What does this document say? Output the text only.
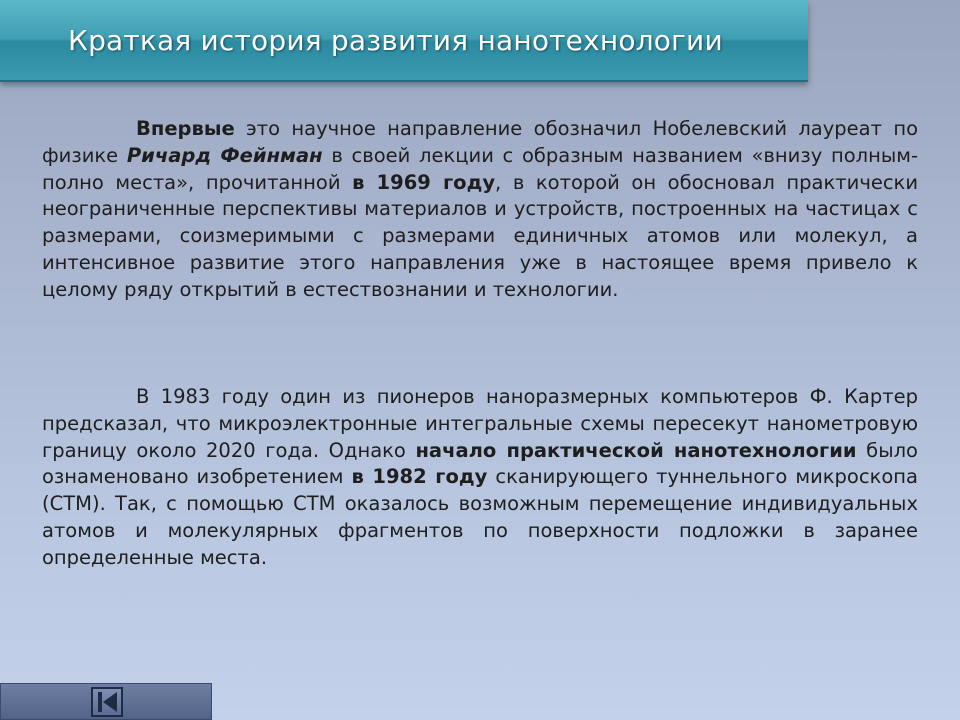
Краткая история развития нанотехнологии
Впервые это научное направление обозначил Нобелевский лауреат по физике Ричард Фейнман в своей лекции с образным названием «внизу полным-полно места», прочитанной в 1969 году, в которой он обосновал практически неограниченные перспективы материалов и устройств, построенных на частицах с размерами, соизмеримыми с размерами единичных атомов или молекул, а интенсивное развитие этого направления уже в настоящее время привело к целому ряду открытий в естествознании и технологии.
В 1983 году один из пионеров наноразмерных компьютеров Ф. Картер предсказал, что микроэлектронные интегральные схемы пересекут нанометровую границу около 2020 года. Однако начало практической нанотехнологии было ознаменовано изобретением в 1982 году сканирующего туннельного микроскопа (СТМ). Так, с помощью СТМ оказалось возможным перемещение индивидуальных атомов и молекулярных фрагментов по поверхности подложки в заранее определенные места.
